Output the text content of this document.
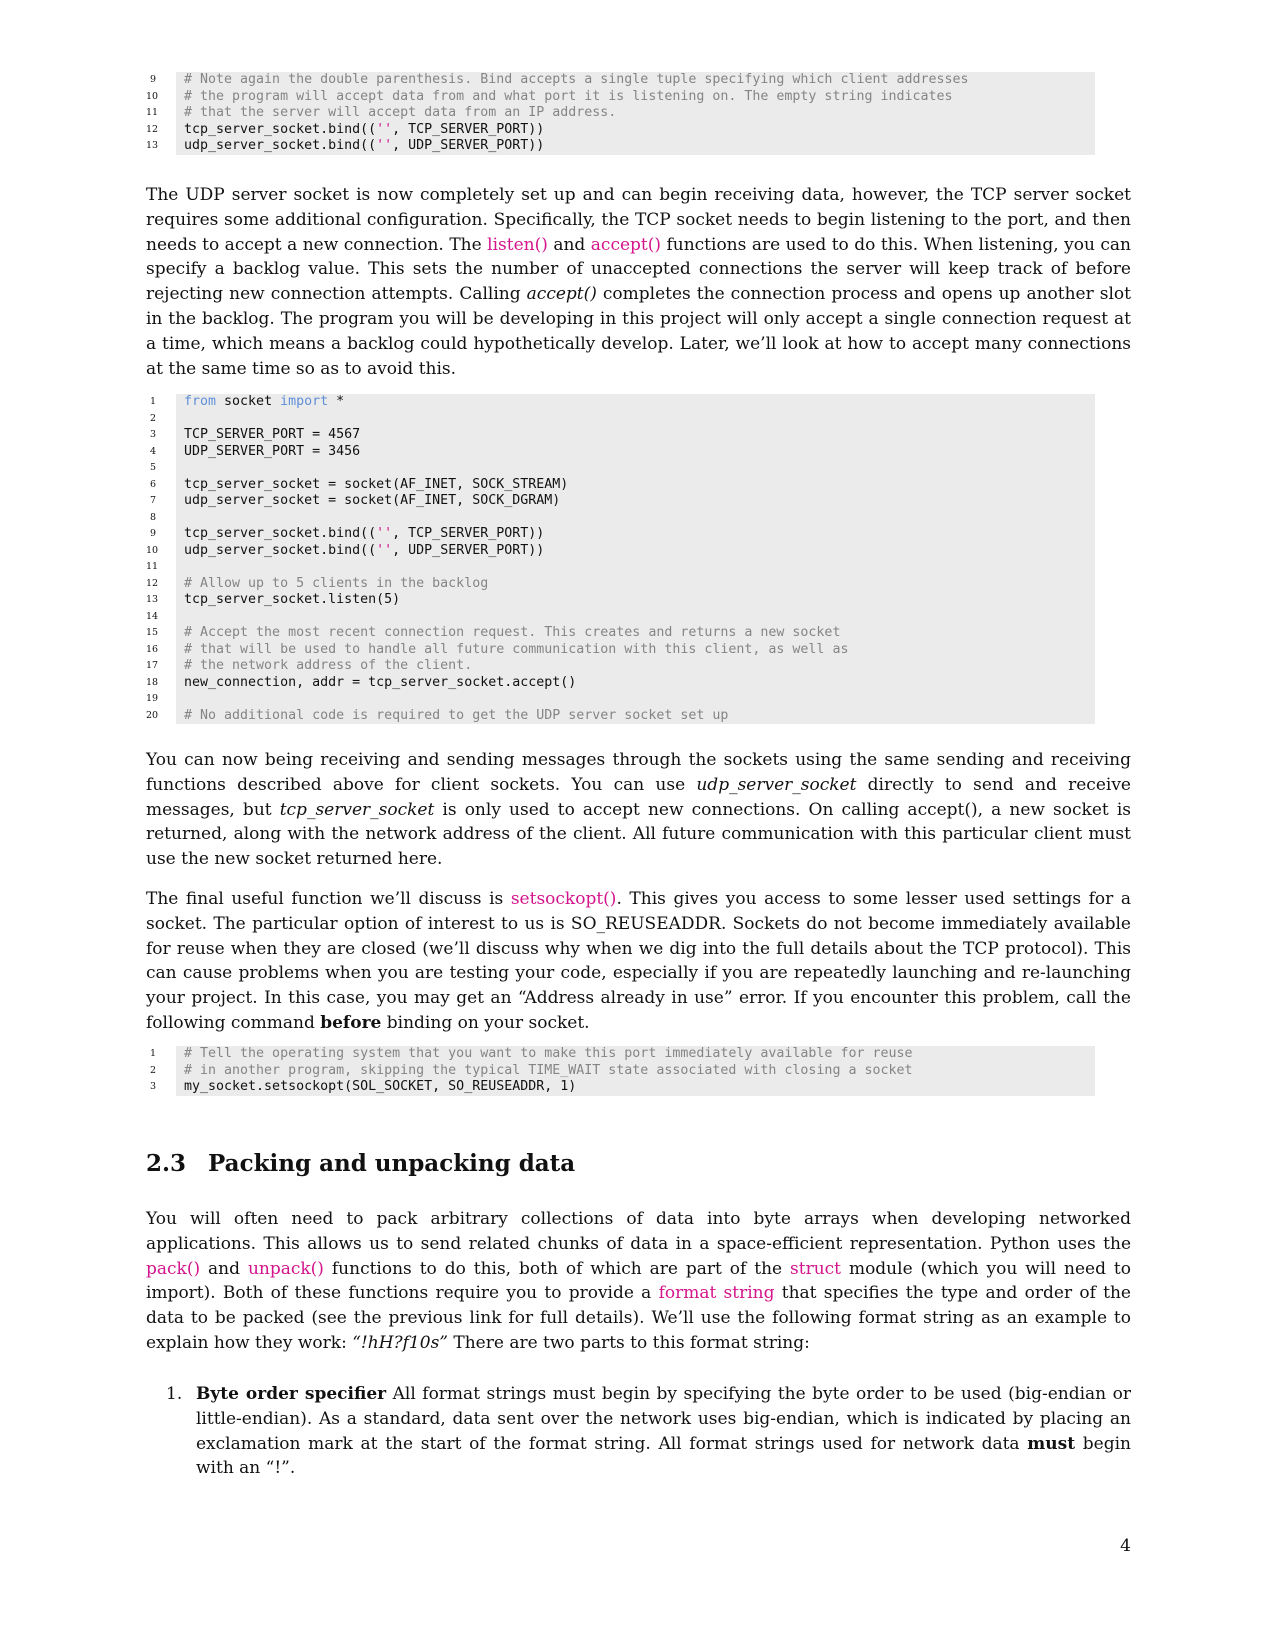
9	# Note again the double parenthesis. Bind accepts a single tuple specifying which client addresses
10	# the program will accept data from and what port it is listening on. The empty string indicates
11	# that the server will accept data from an IP address.
12	tcp_server_socket.bind(('', TCP_SERVER_PORT))
13	udp_server_socket.bind(('', UDP_SERVER_PORT))

The UDP server socket is now completely set up and can begin receiving data, however, the TCP server socket requires some additional configuration. Specifically, the TCP socket needs to begin listening to the port, and then needs to accept a new connection. The listen() and accept() functions are used to do this. When listening, you can specify a backlog value. This sets the number of unaccepted connections the server will keep track of before rejecting new connection attempts. Calling accept() completes the connection process and opens up another slot in the backlog. The program you will be developing in this project will only accept a single connection request at a time, which means a backlog could hypothetically develop. Later, we’ll look at how to accept many connections at the same time so as to avoid this.

1	from socket import *
2
3	TCP_SERVER_PORT = 4567
4	UDP_SERVER_PORT = 3456
5
6	tcp_server_socket = socket(AF_INET, SOCK_STREAM)
7	udp_server_socket = socket(AF_INET, SOCK_DGRAM)
8
9	tcp_server_socket.bind(('', TCP_SERVER_PORT))
10	udp_server_socket.bind(('', UDP_SERVER_PORT))
11
12	# Allow up to 5 clients in the backlog
13	tcp_server_socket.listen(5)
14
15	# Accept the most recent connection request. This creates and returns a new socket
16	# that will be used to handle all future communication with this client, as well as
17	# the network address of the client.
18	new_connection, addr = tcp_server_socket.accept()
19
20	# No additional code is required to get the UDP server socket set up

You can now being receiving and sending messages through the sockets using the same sending and receiving functions described above for client sockets. You can use udp_server_socket directly to send and receive messages, but tcp_server_socket is only used to accept new connections. On calling accept(), a new socket is returned, along with the network address of the client. All future communication with this particular client must use the new socket returned here.

The final useful function we’ll discuss is setsockopt(). This gives you access to some lesser used settings for a socket. The particular option of interest to us is SO_REUSEADDR. Sockets do not become immediately available for reuse when they are closed (we’ll discuss why when we dig into the full details about the TCP protocol). This can cause problems when you are testing your code, especially if you are repeatedly launching and re-launching your project. In this case, you may get an “Address already in use” error. If you encounter this problem, call the following command before binding on your socket.

1	# Tell the operating system that you want to make this port immediately available for reuse
2	# in another program, skipping the typical TIME_WAIT state associated with closing a socket
3	my_socket.setsockopt(SOL_SOCKET, SO_REUSEADDR, 1)
2.3 Packing and unpacking data

You will often need to pack arbitrary collections of data into byte arrays when developing networked applications. This allows us to send related chunks of data in a space-efficient representation. Python uses the pack() and unpack() functions to do this, both of which are part of the struct module (which you will need to import). Both of these functions require you to provide a format string that specifies the type and order of the data to be packed (see the previous link for full details). We’ll use the following format string as an example to explain how they work: “!hH?f10s” There are two parts to this format string:

1. Byte order specifier All format strings must begin by specifying the byte order to be used (big-endian or little-endian). As a standard, data sent over the network uses big-endian, which is indicated by placing an exclamation mark at the start of the format string. All format strings used for network data must begin with an “!”.
4
